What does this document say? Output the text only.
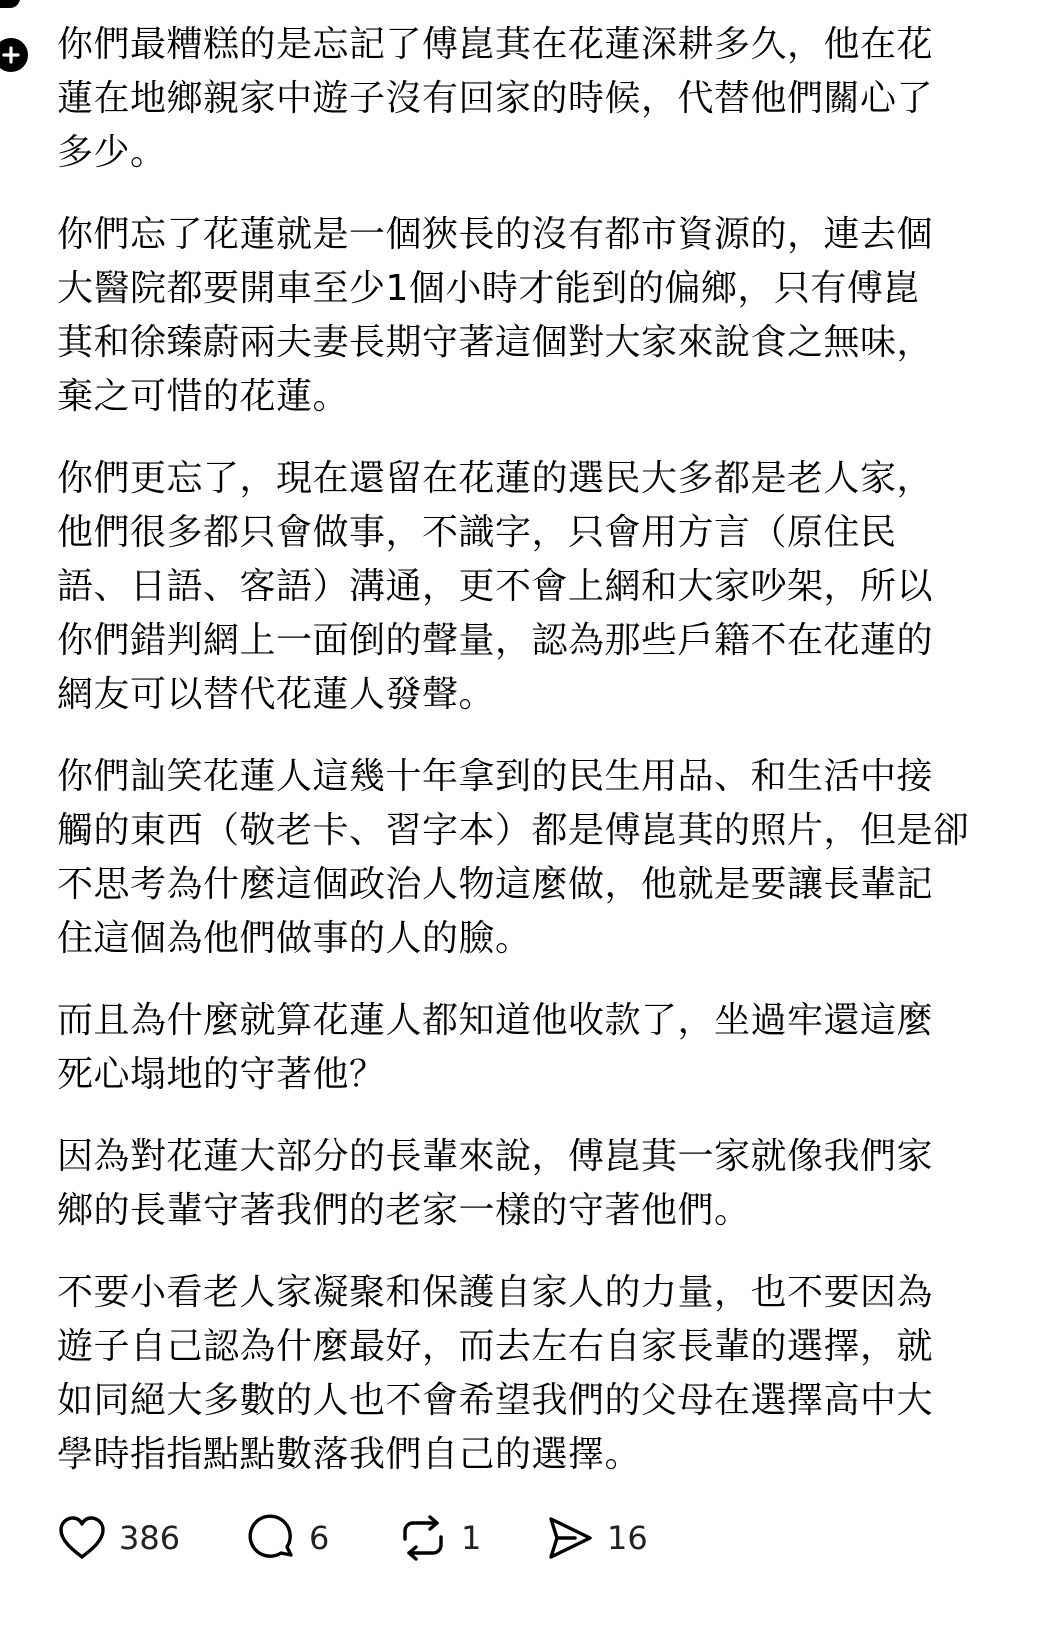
你們最糟糕的是忘記了傅崑萁在花蓮深耕多久，他在花
蓮在地鄉親家中遊子沒有回家的時候，代替他們關心了
多少。

你們忘了花蓮就是一個狹長的沒有都市資源的，連去個
大醫院都要開車至少1個小時才能到的偏鄉，只有傅崑
萁和徐臻蔚兩夫妻長期守著這個對大家來說食之無味，
棄之可惜的花蓮。

你們更忘了，現在還留在花蓮的選民大多都是老人家，
他們很多都只會做事，不識字，只會用方言（原住民
語、日語、客語）溝通，更不會上網和大家吵架，所以
你們錯判網上一面倒的聲量，認為那些戶籍不在花蓮的
網友可以替代花蓮人發聲。

你們訕笑花蓮人這幾十年拿到的民生用品、和生活中接
觸的東西（敬老卡、習字本）都是傅崑萁的照片，但是卻
不思考為什麼這個政治人物這麼做，他就是要讓長輩記
住這個為他們做事的人的臉。

而且為什麼就算花蓮人都知道他收款了，坐過牢還這麼
死心塌地的守著他？

因為對花蓮大部分的長輩來說，傅崑萁一家就像我們家
鄉的長輩守著我們的老家一樣的守著他們。

不要小看老人家凝聚和保護自家人的力量，也不要因為
遊子自己認為什麼最好，而去左右自家長輩的選擇，就
如同絕大多數的人也不會希望我們的父母在選擇高中大
學時指指點點數落我們自己的選擇。

386	6	1	16
